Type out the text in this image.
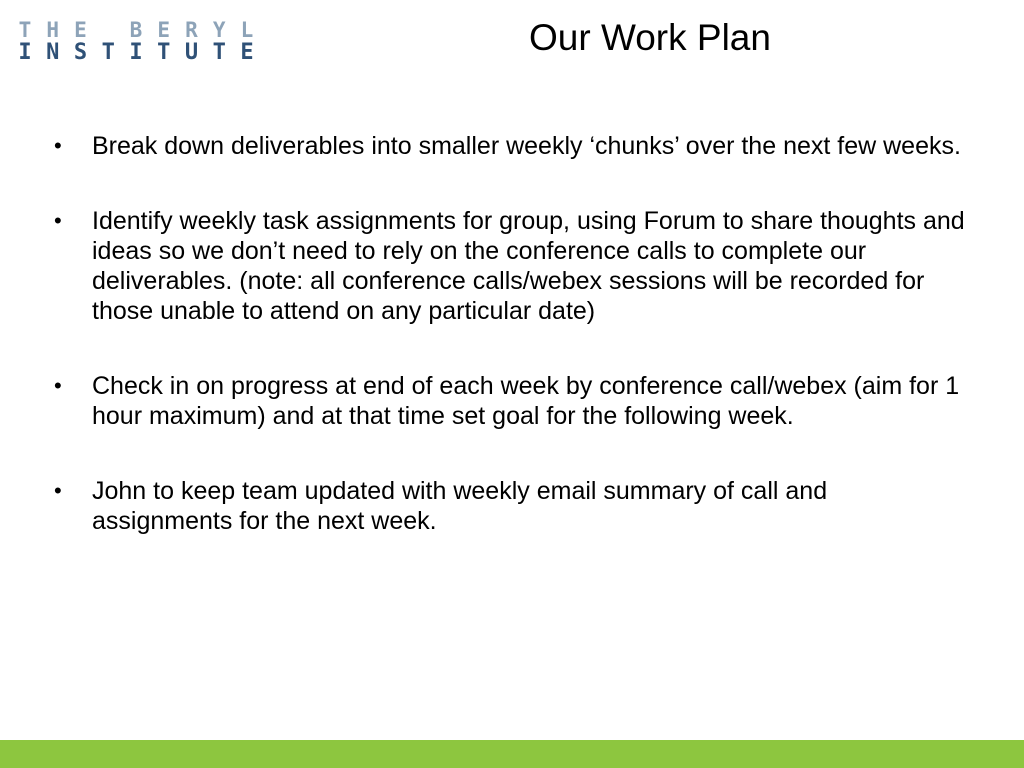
T H E B E R Y L
I N S T I T U T E	Our Work Plan
•	Break down deliverables into smaller weekly ‘chunks’ over the next few weeks.
•	Identify weekly task assignments for group, using Forum to share thoughts and ideas so we don’t need to rely on the conference calls to complete our deliverables. (note: all conference calls/webex sessions will be recorded for those unable to attend on any particular date)
•	Check in on progress at end of each week by conference call/webex (aim for 1 hour maximum) and at that time set goal for the following week.
•	John to keep team updated with weekly email summary of call and assignments for the next week.
